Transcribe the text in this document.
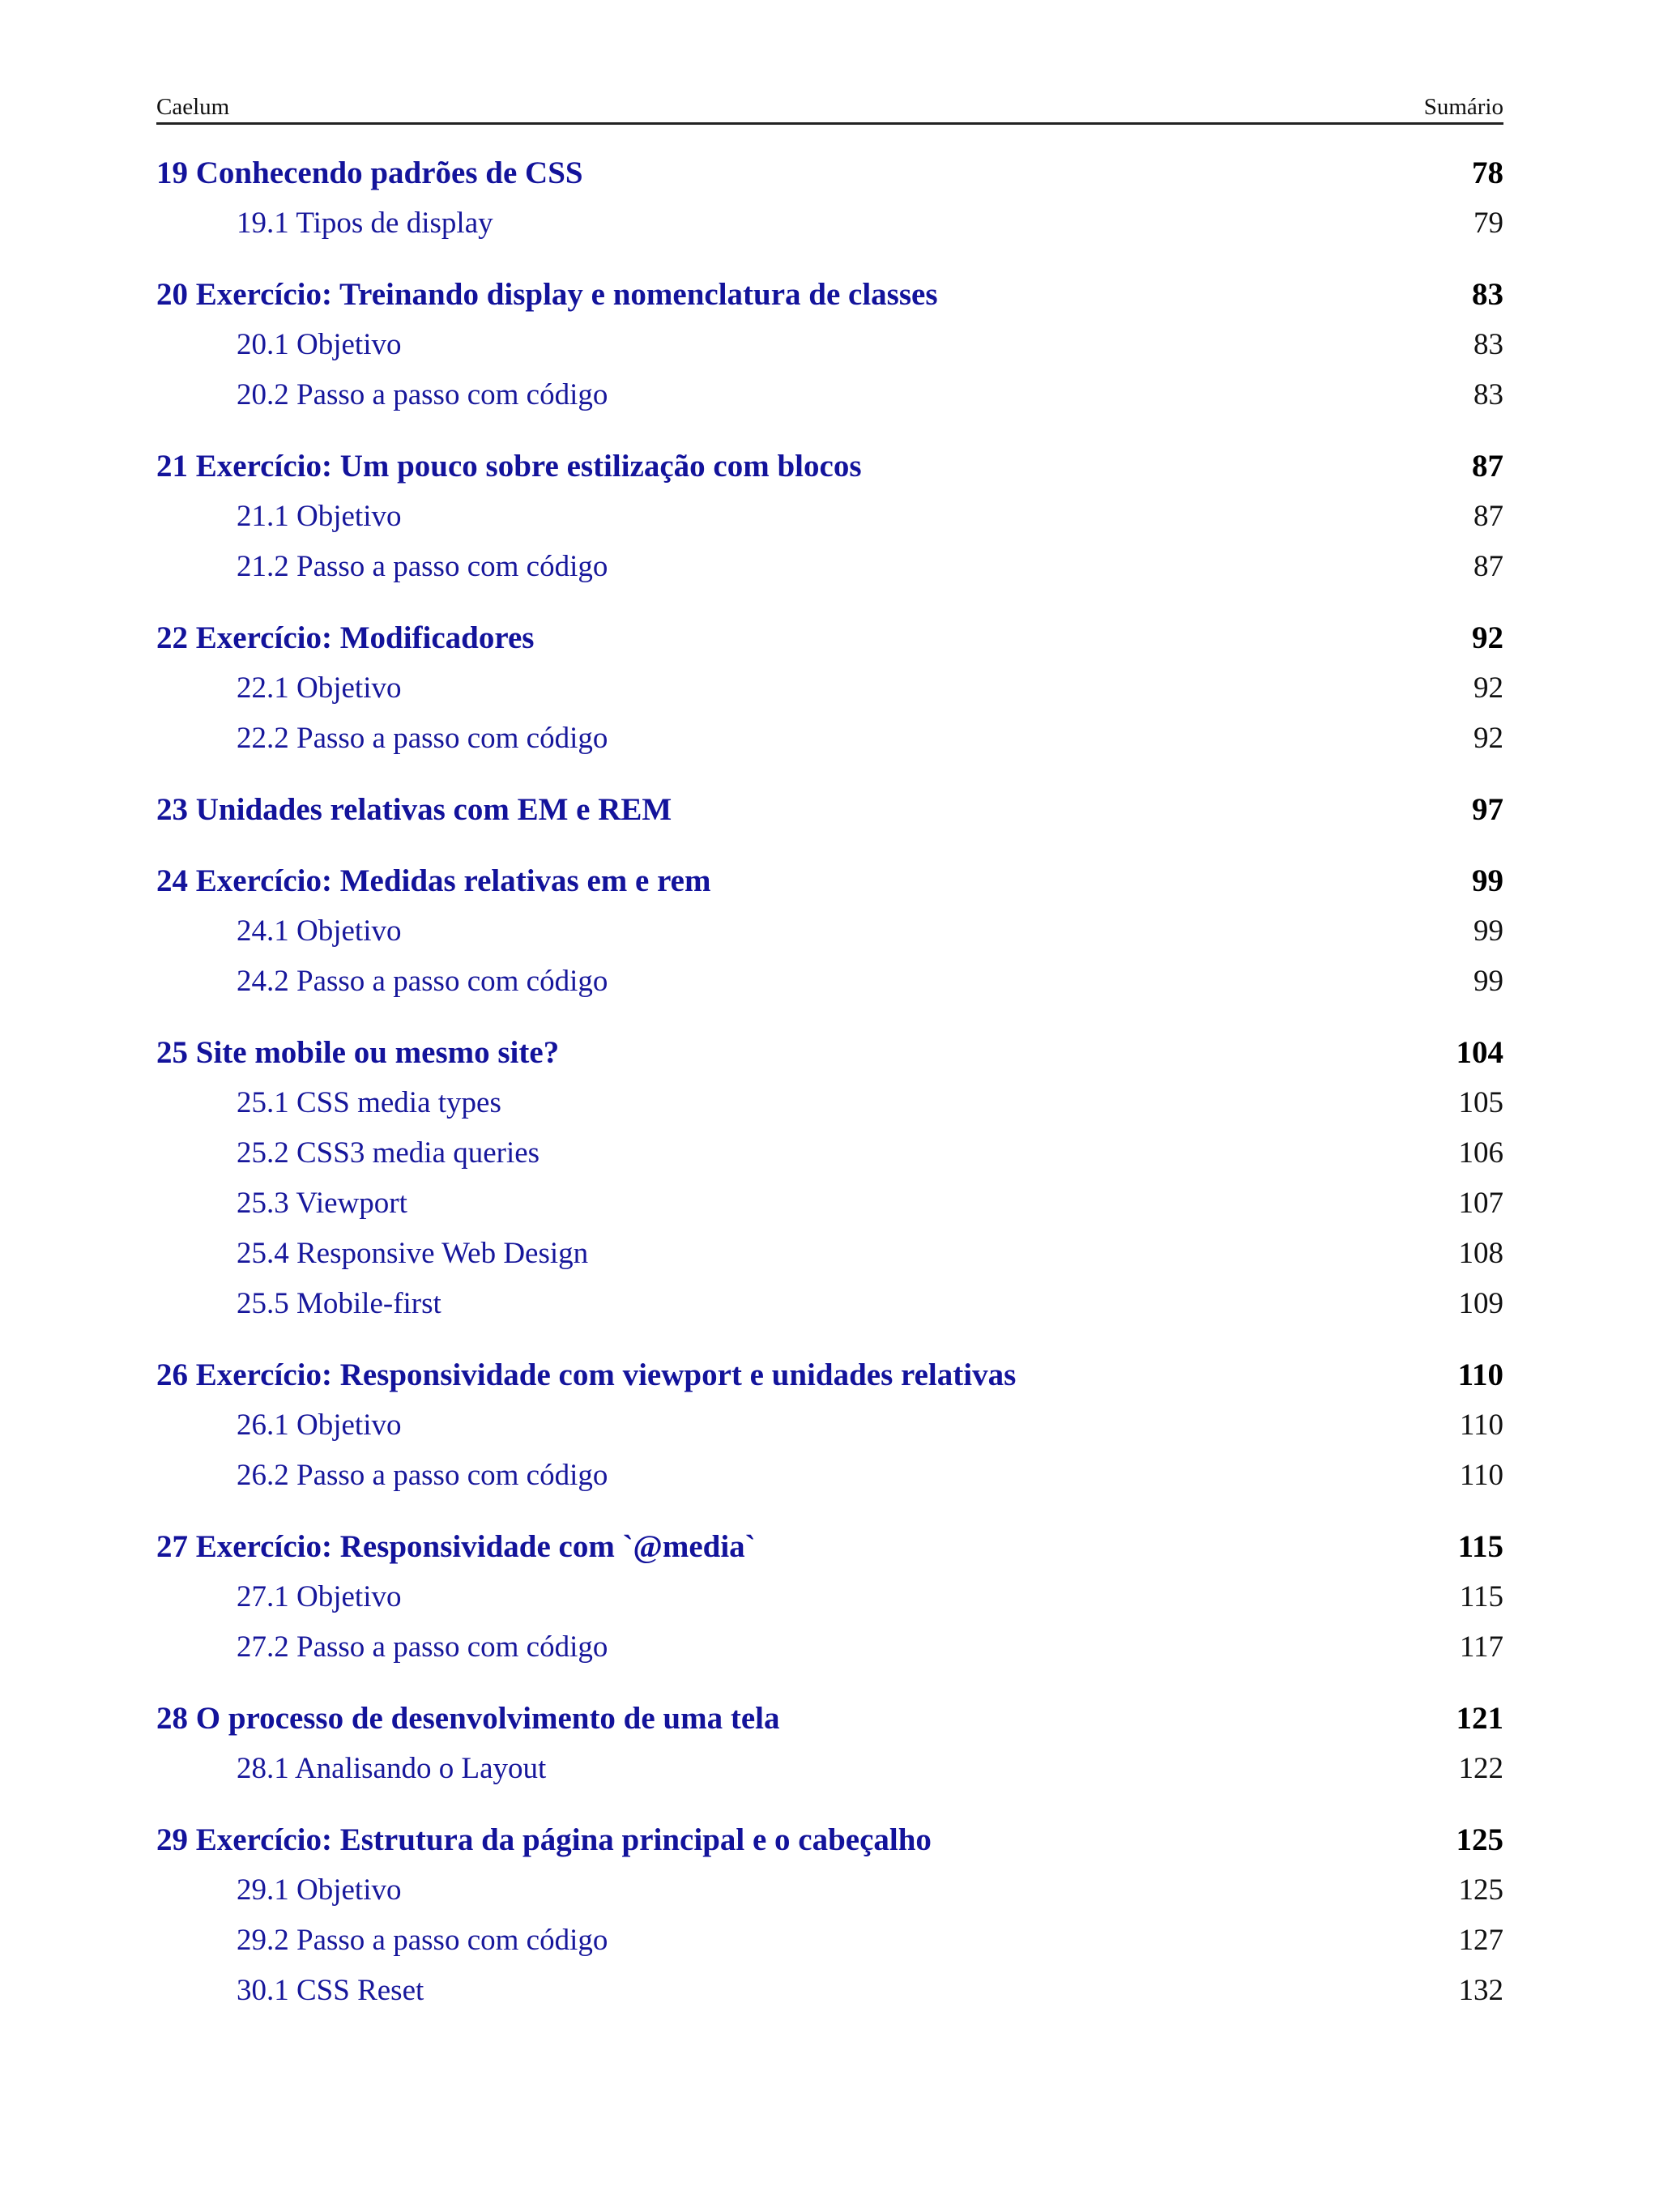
Caelum	Sumário
19 Conhecendo padrões de CSS	78
19.1 Tipos de display	79
20 Exercício: Treinando display e nomenclatura de classes	83
20.1 Objetivo	83
20.2 Passo a passo com código	83
21 Exercício: Um pouco sobre estilização com blocos	87
21.1 Objetivo	87
21.2 Passo a passo com código	87
22 Exercício: Modificadores	92
22.1 Objetivo	92
22.2 Passo a passo com código	92
23 Unidades relativas com EM e REM	97
24 Exercício: Medidas relativas em e rem	99
24.1 Objetivo	99
24.2 Passo a passo com código	99
25 Site mobile ou mesmo site?	104
25.1 CSS media types	105
25.2 CSS3 media queries	106
25.3 Viewport	107
25.4 Responsive Web Design	108
25.5 Mobile-first	109
26 Exercício: Responsividade com viewport e unidades relativas	110
26.1 Objetivo	110
26.2 Passo a passo com código	110
27 Exercício: Responsividade com `@media`	115
27.1 Objetivo	115
27.2 Passo a passo com código	117
28 O processo de desenvolvimento de uma tela	121
28.1 Analisando o Layout	122
29 Exercício: Estrutura da página principal e o cabeçalho	125
29.1 Objetivo	125
29.2 Passo a passo com código	127
30.1 CSS Reset	132
